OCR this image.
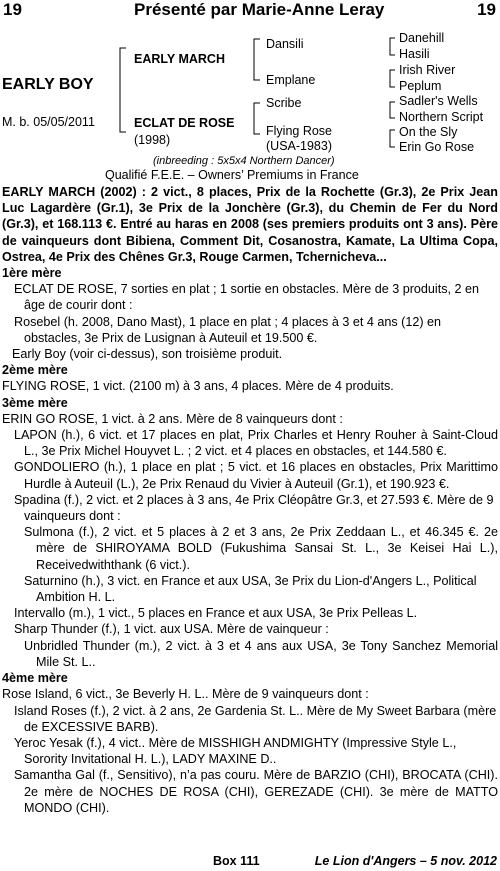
19	Présenté par Marie-Anne Leray	19
EARLY BOY
M. b. 05/05/2011
EARLY MARCH
ECLAT DE ROSE
(1998)
Dansili
Emplane
Scribe
Flying Rose
(USA-1983)
Danehill
Hasili
Irish River
Peplum
Sadler's Wells
Northern Script
On the Sly
Erin Go Rose
(inbreeding : 5x5x4 Northern Dancer)
Qualifié F.E.E. – Owners’ Premiums in France

EARLY MARCH (2002) : 2 vict., 8 places, Prix de la Rochette (Gr.3), 2e Prix Jean Luc Lagardère (Gr.1), 3e Prix de la Jonchère (Gr.3), du Chemin de Fer du Nord (Gr.3), et 168.113 €. Entré au haras en 2008 (ses premiers produits ont 3 ans). Père de vainqueurs dont Bibiena, Comment Dit, Cosanostra, Kamate, La Ultima Copa, Ostrea, 4e Prix des Chênes Gr.3, Rouge Carmen, Tchernicheva...

1ère mère

ECLAT DE ROSE, 7 sorties en plat ; 1 sortie en obstacles. Mère de 3 produits, 2 en âge de courir dont :

Rosebel (h. 2008, Dano Mast), 1 place en plat ; 4 places à 3 et 4 ans (12) en obstacles, 3e Prix de Lusignan à Auteuil et 19.500 €.

Early Boy (voir ci-dessus), son troisième produit.

2ème mère

FLYING ROSE, 1 vict. (2100 m) à 3 ans, 4 places. Mère de 4 produits.

3ème mère

ERIN GO ROSE, 1 vict. à 2 ans. Mère de 8 vainqueurs dont :

LAPON (h.), 6 vict. et 17 places en plat, Prix Charles et Henry Rouher à Saint-Cloud L., 3e Prix Michel Houyvet L. ; 2 vict. et 4 places en obstacles, et 144.580 €.

GONDOLIERO (h.), 1 place en plat ; 5 vict. et 16 places en obstacles, Prix Marittimo Hurdle à Auteuil (L.), 2e Prix Renaud du Vivier à Auteuil (Gr.1), et 190.923 €.

Spadina (f.), 2 vict. et 2 places à 3 ans, 4e Prix Cléopâtre Gr.3, et 27.593 €. Mère de 9 vainqueurs dont :

Sulmona (f.), 2 vict. et 5 places à 2 et 3 ans, 2e Prix Zeddaan L., et 46.345 €. 2e mère de SHIROYAMA BOLD (Fukushima Sansai St. L., 3e Keisei Hai L.), Receivedwiththank (6 vict.).

Saturnino (h.), 3 vict. en France et aux USA, 3e Prix du Lion-d'Angers L., Political Ambition H. L.

Intervallo (m.), 1 vict., 5 places en France et aux USA, 3e Prix Pelleas L.

Sharp Thunder (f.), 1 vict. aux USA. Mère de vainqueur :

Unbridled Thunder (m.), 2 vict. à 3 et 4 ans aux USA, 3e Tony Sanchez Memorial Mile St. L..

4ème mère

Rose Island, 6 vict., 3e Beverly H. L.. Mère de 9 vainqueurs dont :

Island Roses (f.), 2 vict. à 2 ans, 2e Gardenia St. L.. Mère de My Sweet Barbara (mère de EXCESSIVE BARB).

Yeroc Yesak (f.), 4 vict.. Mère de MISSHIGH ANDMIGHTY (Impressive Style L., Sorority Invitational H. L.), LADY MAXINE D..

Samantha Gal (f., Sensitivo), n’a pas couru. Mère de BARZIO (CHI), BROCATA (CHI). 2e mère de NOCHES DE ROSA (CHI), GEREZADE (CHI). 3e mère de MATTO MONDO (CHI).

Box 111	Le Lion d'Angers – 5 nov. 2012
